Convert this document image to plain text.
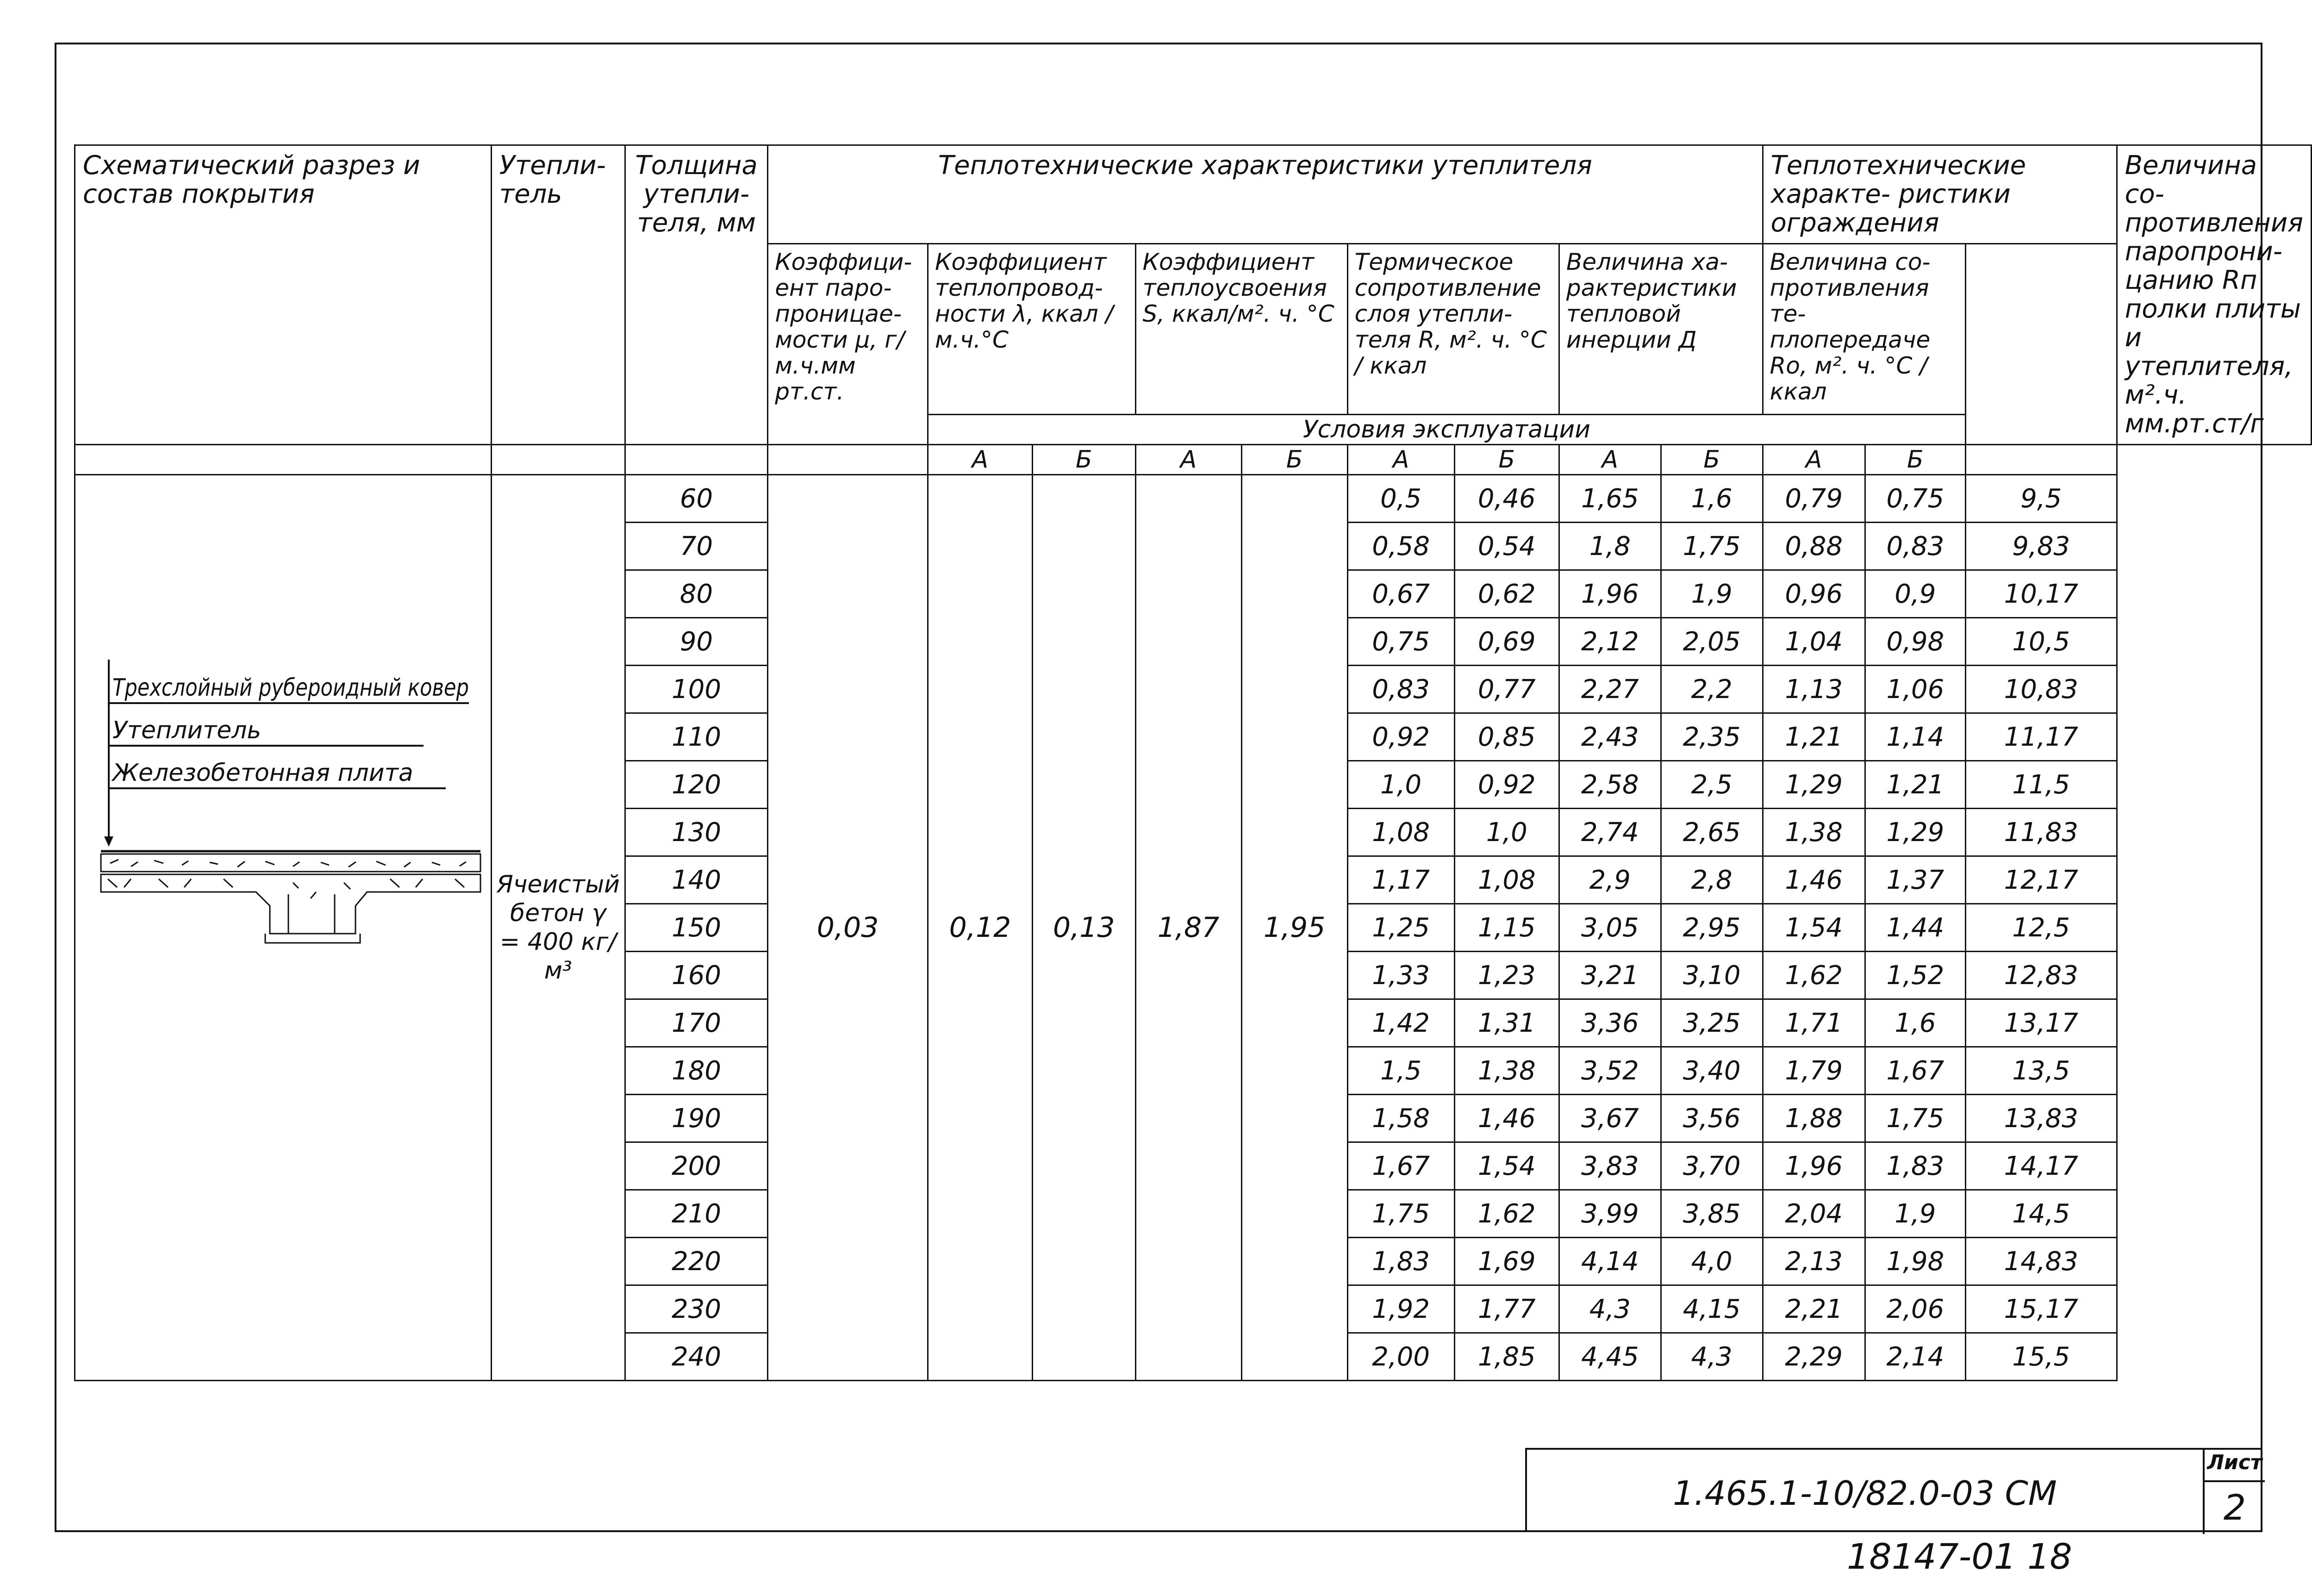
Схематический разрез и состав покрытия	Утепли- тель	Толщина утепли- теля, мм	Теплотехнические характеристики утеплителя									Теплотехнические характе- ристики ограждения			Величина со- противления паропрони- цанию Rп полки плиты и утеплителя, м².ч. мм.рт.ст/г
			Коэффици- ент паро- проницае- мости μ, г/м.ч.мм рт.ст.	Коэффициент теплопровод- ности λ, ккал / м.ч.°С		Коэффициент теплоусвоения S, ккал/м². ч. °С		Термическое сопротивление слоя утепли- теля R, м². ч. °С / ккал		Величина ха- рактеристики тепловой инерции Д		Величина со- противления те- плопередаче Rо, м². ч. °С / ккал			
				Условия эксплуатации											
				А	Б	А	Б	А	Б	А	Б	А	Б		

Трехслойный рубероидный ковер
Утеплитель
Железобетонная плита	Ячеистый бетон γ = 400 кг/м³	60	0,03	0,12	0,13	1,87	1,95	0,5	0,46	1,65	1,6	0,79	0,75	9,5	
		70						0,58	0,54	1,8	1,75	0,88	0,83	9,83	
		80						0,67	0,62	1,96	1,9	0,96	0,9	10,17	
		90						0,75	0,69	2,12	2,05	1,04	0,98	10,5	
		100						0,83	0,77	2,27	2,2	1,13	1,06	10,83	
		110						0,92	0,85	2,43	2,35	1,21	1,14	11,17	
		120						1,0	0,92	2,58	2,5	1,29	1,21	11,5	
		130						1,08	1,0	2,74	2,65	1,38	1,29	11,83	
		140						1,17	1,08	2,9	2,8	1,46	1,37	12,17	
		150						1,25	1,15	3,05	2,95	1,54	1,44	12,5	
		160						1,33	1,23	3,21	3,10	1,62	1,52	12,83	
		170						1,42	1,31	3,36	3,25	1,71	1,6	13,17	
		180						1,5	1,38	3,52	3,40	1,79	1,67	13,5	
		190						1,58	1,46	3,67	3,56	1,88	1,75	13,83	
		200						1,67	1,54	3,83	3,70	1,96	1,83	14,17	
		210						1,75	1,62	3,99	3,85	2,04	1,9	14,5	
		220						1,83	1,69	4,14	4,0	2,13	1,98	14,83	
		230						1,92	1,77	4,3	4,15	2,21	2,06	15,17	
		240						2,00	1,85	4,45	4,3	2,29	2,14	15,5	
1.465.1-10/82.0-03 СМ
Лист
2
18147-01 18
